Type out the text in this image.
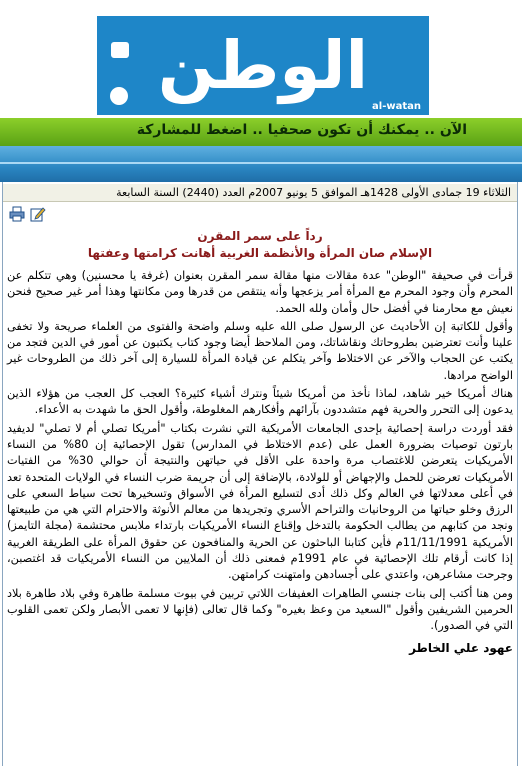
الوطن
al-watan
الآن .. يمكنك أن تكون صحفيا .. اضغط للمشاركة
الثلاثاء 19 جمادى الأولى 1428هـ الموافق 5 يونيو 2007م العدد (2440) السنة السابعة

رداً على سمر المقرن

الإسلام صان المرأة والأنظمة الغربية أهانت كرامتها وعفتها

قرأت في صحيفة "الوطن" عدة مقالات منها مقالة سمر المقرن بعنوان (غرفة يا محسنين) وهي تتكلم عن المحرم وأن وجود المحرم مع المرأة أمر يزعجها وأنه ينتقص من قدرها ومن مكانتها وهذا أمر غير صحيح فنحن نعيش مع محارمنا في أفضل حال وأمان ولله الحمد.

وأقول للكاتبة إن الأحاديث عن الرسول صلى الله عليه وسلم واضحة والفتوى من العلماء صريحة ولا تخفى علينا وأنت تعترضين بطروحاتك ونقاشاتك، ومن الملاحظ أيضا وجود كتاب يكتبون عن أمور في الدين فتجد من يكتب عن الحجاب والآخر عن الاختلاط وآخر يتكلم عن قيادة المرأة للسيارة إلى آخر ذلك من الطروحات غير الواضح مرادها.

هناك أمريكا خير شاهد، لماذا نأخذ من أمريكا شيئاً ونترك أشياء كثيرة؟ العجب كل العجب من هؤلاء الذين يدعون إلى التحرر والحرية فهم متشددون بآرائهم وأفكارهم المغلوطة، وأقول الحق ما شهدت به الأعداء.

فقد أوردت دراسة إحصائية بإحدى الجامعات الأمريكية التي نشرت بكتاب "أمريكا تصلي أم لا تصلي" لديفيد بارتون توصيات بضرورة العمل على (عدم الاختلاط في المدارس) تقول الإحصائية إن 80% من النساء الأمريكيات يتعرضن للاغتصاب مرة واحدة على الأقل في حياتهن والنتيجة أن حوالي 30% من الفتيات الأمريكيات تعرضن للحمل والإجهاض أو للولادة، بالإضافة إلى أن جريمة ضرب النساء في الولايات المتحدة تعد في أعلى معدلاتها في العالم وكل ذلك أدى لتسليع المرأة في الأسواق وتسخيرها تحت سياط السعي على الرزق وخلو حياتها من الروحانيات والتراحم الأسري وتجريدها من معالم الأنوثة والاحترام التي هي من طبيعتها ونجد من كتابهم من يطالب الحكومة بالتدخل وإقناع النساء الأمريكيات بارتداء ملابس محتشمة (مجلة التايمز) الأمريكية 11/11/1991م فأين كتابنا الباحثون عن الحرية والمنافحون عن حقوق المرأة على الطريقة الغربية إذا كانت أرقام تلك الإحصائية في عام 1991م فمعنى ذلك أن الملايين من النساء الأمريكيات قد اغتصبن، وجرحت مشاعرهن، واعتدي على أجسادهن وامتهنت كرامتهن.

ومن هنا أكتب إلى بنات جنسي الطاهرات العفيفات اللاتي تربين في بيوت مسلمة طاهرة وفي بلاد طاهرة بلاد الحرمين الشريفين وأقول "السعيد من وعظ بغيره" وكما قال تعالى (فإنها لا تعمى الأبصار ولكن تعمى القلوب التي في الصدور).

عهود علي الخاطر
